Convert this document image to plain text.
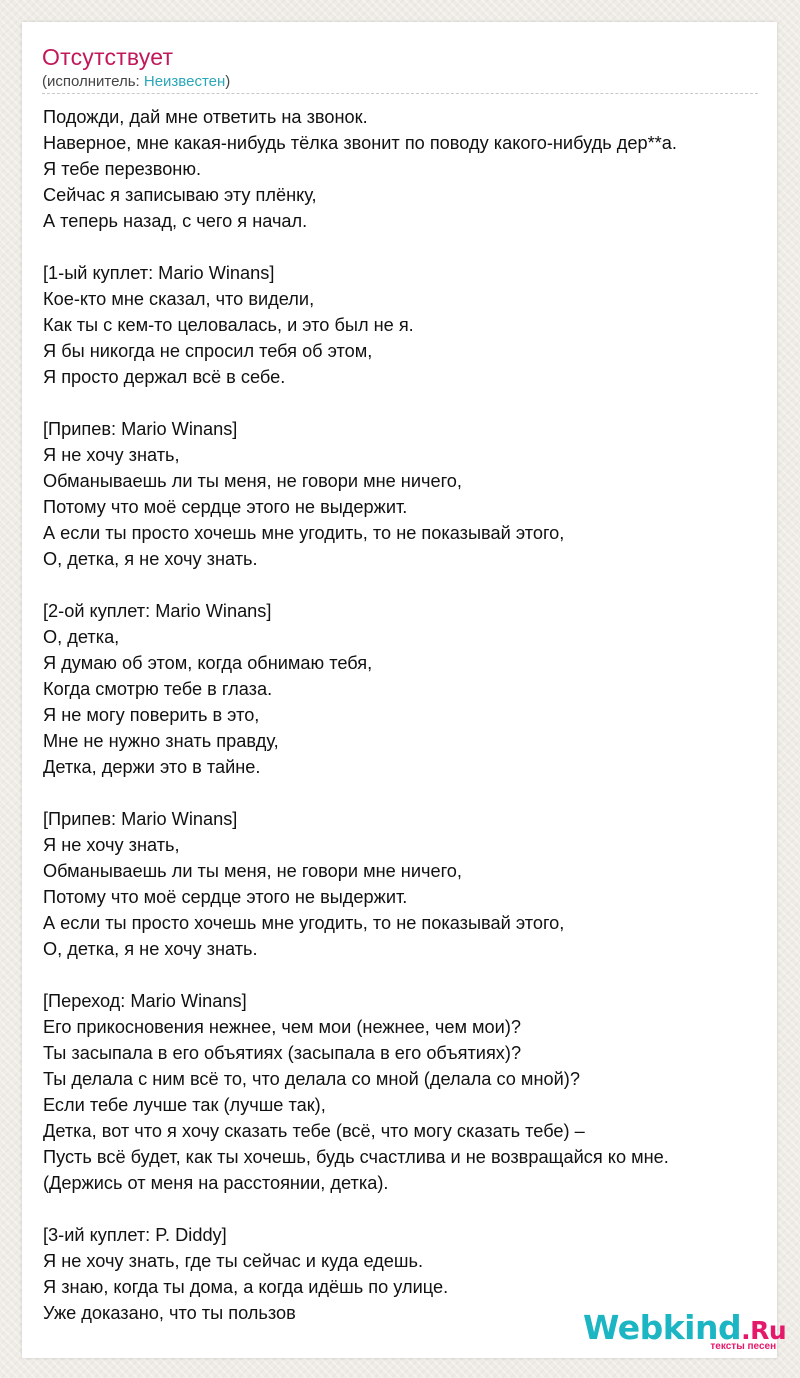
Отсутствует
(исполнитель: Неизвестен)
Подожди, дай мне ответить на звонок.
Наверное, мне какая-нибудь тёлка звонит по поводу какого-нибудь дер**а.
Я тебе перезвоню.
Сейчас я записываю эту плёнку,
А теперь назад, с чего я начал.
[1-ый куплет: Mario Winans]
Кое-кто мне сказал, что видели,
Как ты с кем-то целовалась, и это был не я.
Я бы никогда не спросил тебя об этом,
Я просто держал всё в себе.
[Припев: Mario Winans]
Я не хочу знать,
Обманываешь ли ты меня, не говори мне ничего,
Потому что моё сердце этого не выдержит.
А если ты просто хочешь мне угодить, то не показывай этого,
О, детка, я не хочу знать.
[2-ой куплет: Mario Winans]
О, детка,
Я думаю об этом, когда обнимаю тебя,
Когда смотрю тебе в глаза.
Я не могу поверить в это,
Мне не нужно знать правду,
Детка, держи это в тайне.
[Припев: Mario Winans]
Я не хочу знать,
Обманываешь ли ты меня, не говори мне ничего,
Потому что моё сердце этого не выдержит.
А если ты просто хочешь мне угодить, то не показывай этого,
О, детка, я не хочу знать.
[Переход: Mario Winans]
Его прикосновения нежнее, чем мои (нежнее, чем мои)?
Ты засыпала в его объятиях (засыпала в его объятиях)?
Ты делала с ним всё то, что делала со мной (делала со мной)?
Если тебе лучше так (лучше так),
Детка, вот что я хочу сказать тебе (всё, что могу сказать тебе) –
Пусть всё будет, как ты хочешь, будь счастлива и не возвращайся ко мне.
(Держись от меня на расстоянии, детка).
[3-ий куплет: P. Diddy]
Я не хочу знать, где ты сейчас и куда едешь.
Я знаю, когда ты дома, а когда идёшь по улице.
Уже доказано, что ты пользов	Webkind.Ru
тексты песен
